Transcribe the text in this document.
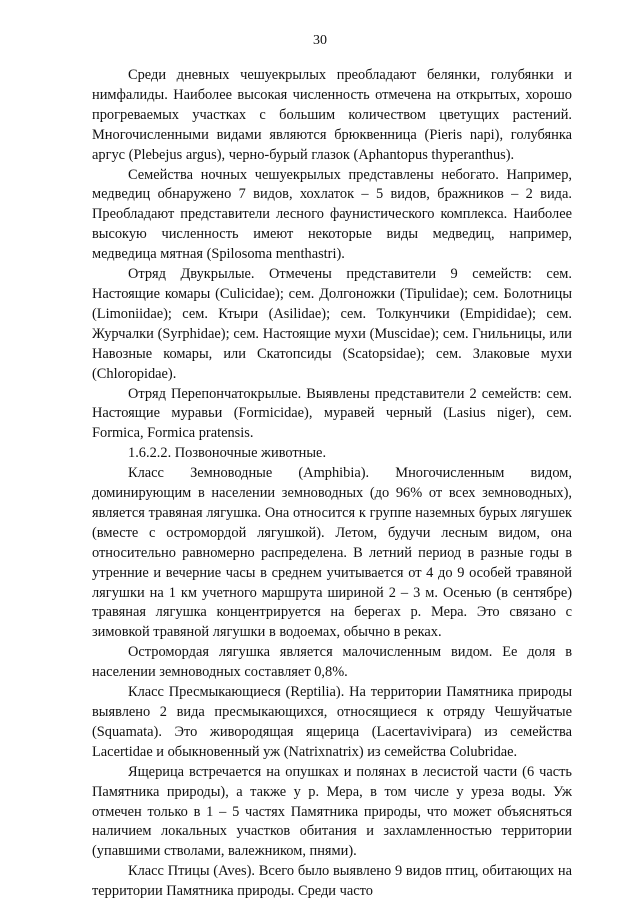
30

Среди дневных чешуекрылых преобладают белянки, голубянки и нимфалиды. Наиболее высокая численность отмечена на открытых, хорошо прогреваемых участках с большим количеством цветущих растений. Многочисленными видами являются брюквенница (Pieris napi), голубянка аргус (Plebejus argus), черно-бурый глазок (Aphantopus thyperanthus).

Семейства ночных чешуекрылых представлены небогато. Например, медведиц обнаружено 7 видов, хохлаток – 5 видов, бражников – 2 вида. Преобладают представители лесного фаунистического комплекса. Наиболее высокую численность имеют некоторые виды медведиц, например, медведица мятная (Spilosoma menthastri).

Отряд Двукрылые. Отмечены представители 9 семейств: сем. Настоящие комары (Culicidae); сем. Долгоножки (Tipulidae); сем. Болотницы (Limoniidae); сем. Ктыри (Asilidae); сем. Толкунчики (Empididae); сем. Журчалки (Syrphidae); сем. Настоящие мухи (Muscidae); сем. Гнильницы, или Навозные комары, или Скатопсиды (Scatopsidae); сем. Злаковые мухи (Chloropidae).

Отряд Перепончатокрылые. Выявлены представители 2 семейств: сем. Настоящие муравьи (Formicidae), муравей черный (Lasius niger), сем. Formica, Formica pratensis.

1.6.2.2. Позвоночные животные.

Класс Земноводные (Amphibia). Многочисленным видом, доминирующим в населении земноводных (до 96% от всех земноводных), является травяная лягушка. Она относится к группе наземных бурых лягушек (вместе с остромордой лягушкой). Летом, будучи леcным видом, она относительно равномерно распределена. В летний период в разные годы в утренние и вечерние часы в среднем учитывается от 4 до 9 особей травяной лягушки на 1 км учетного маршрута шириной 2 – 3 м. Осенью (в сентябре) травяная лягушка концентрируется на берегах р. Мера. Это связано с зимовкой травяной лягушки в водоемах, обычно в реках.

Остромордая лягушка является малочисленным видом. Ее доля в населении земноводных составляет 0,8%.

Класс Пресмыкающиеся (Reptilia). На территории Памятника природы выявлено 2 вида пресмыкающихся, относящиеся к отряду Чешуйчатые (Squamata). Это живородящая ящерица (Lacertavivipara) из семейства Lacertidae и обыкновенный уж (Natrixnatrix) из семейства Colubridae.

Ящерица встречается на опушках и полянах в лесистой части (6 часть Памятника природы), а также у р. Мера, в том числе у уреза воды. Уж отмечен только в 1 – 5 частях Памятника природы, что может объясняться наличием локальных участков обитания и захламленностью территории (упавшими стволами, валежником, пнями).

Класс Птицы (Aves). Всего было выявлено 9 видов птиц, обитающих на территории Памятника природы. Среди часто
